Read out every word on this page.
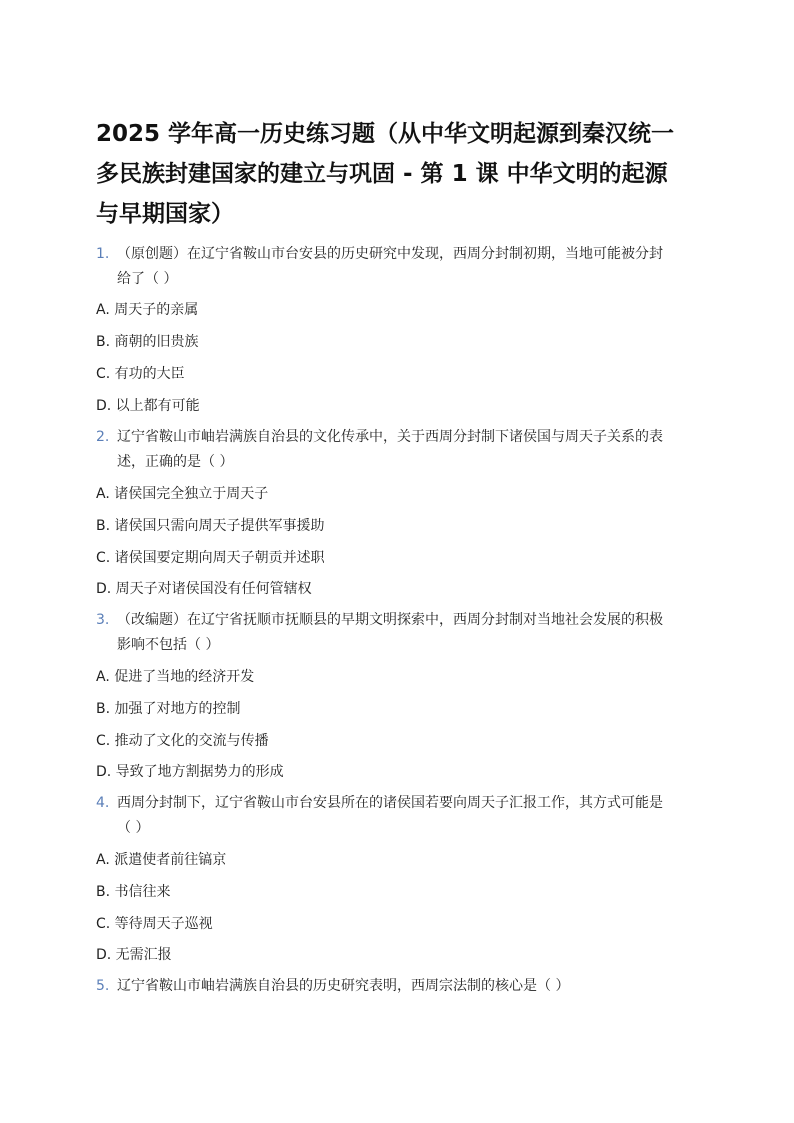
2025 学年高一历史练习题（从中华文明起源到秦汉统一
多民族封建国家的建立与巩固 - 第 1 课 中华文明的起源
与早期国家）
1. （原创题）在辽宁省鞍山市台安县的历史研究中发现，西周分封制初期，当地可能被分封
给了（ ）
A. 周天子的亲属
B. 商朝的旧贵族
C. 有功的大臣
D. 以上都有可能
2. 辽宁省鞍山市岫岩满族自治县的文化传承中，关于西周分封制下诸侯国与周天子关系的表
述，正确的是（ ）
A. 诸侯国完全独立于周天子
B. 诸侯国只需向周天子提供军事援助
C. 诸侯国要定期向周天子朝贡并述职
D. 周天子对诸侯国没有任何管辖权
3. （改编题）在辽宁省抚顺市抚顺县的早期文明探索中，西周分封制对当地社会发展的积极
影响不包括（ ）
A. 促进了当地的经济开发
B. 加强了对地方的控制
C. 推动了文化的交流与传播
D. 导致了地方割据势力的形成
4. 西周分封制下，辽宁省鞍山市台安县所在的诸侯国若要向周天子汇报工作，其方式可能是
（ ）
A. 派遣使者前往镐京
B. 书信往来
C. 等待周天子巡视
D. 无需汇报
5. 辽宁省鞍山市岫岩满族自治县的历史研究表明，西周宗法制的核心是（ ）
